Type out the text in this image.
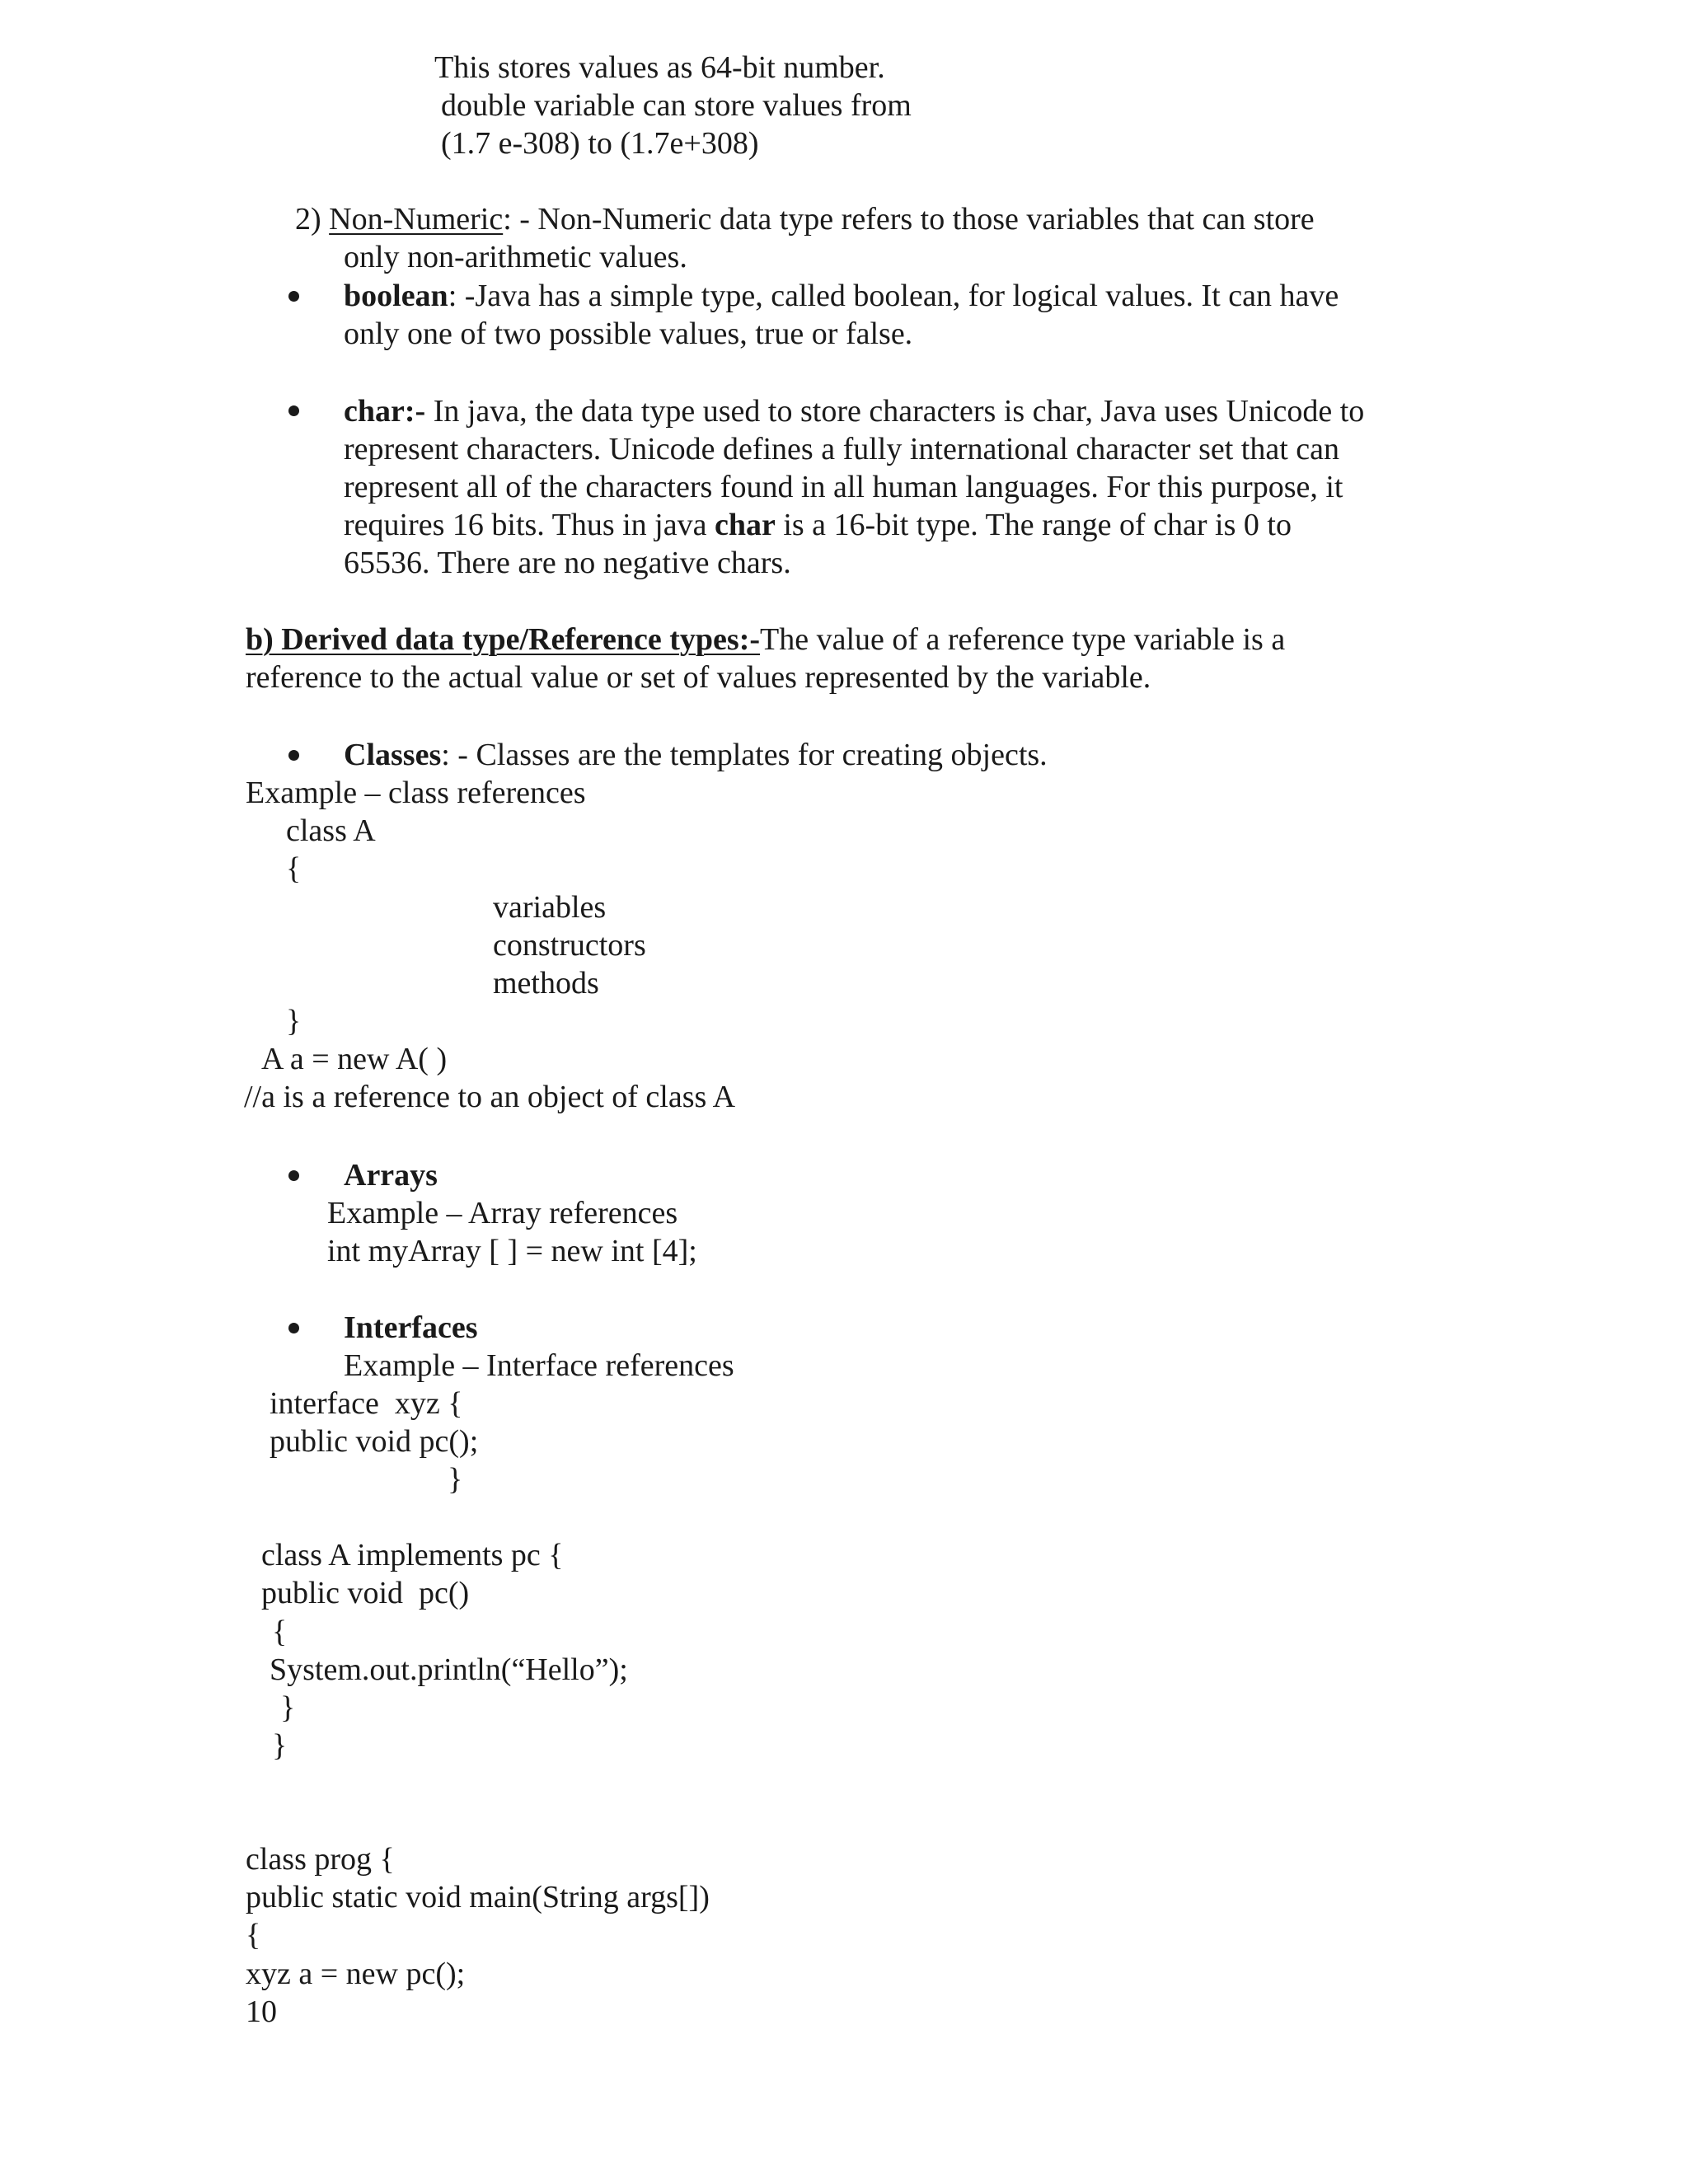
This stores values as 64-bit number.
double variable can store values from
(1.7 e-308) to (1.7e+308)
2) Non-Numeric: - Non-Numeric data type refers to those variables that can store
only non-arithmetic values.
boolean: -Java has a simple type, called boolean, for logical values. It can have
only one of two possible values, true or false.
char:- In java, the data type used to store characters is char, Java uses Unicode to
represent characters. Unicode defines a fully international character set that can
represent all of the characters found in all human languages. For this purpose, it
requires 16 bits. Thus in java char is a 16-bit type. The range of char is 0 to
65536. There are no negative chars.
b) Derived data type/Reference types:-The value of a reference type variable is a
reference to the actual value or set of values represented by the variable.
Classes: - Classes are the templates for creating objects.
Example – class references
class A
{
variables
constructors
methods
}
A a = new A( )
//a is a reference to an object of class A
Arrays
Example – Array references
int myArray [ ] = new int [4];
Interfaces
Example – Interface references
interface  xyz {
public void pc();
}
class A implements pc {
public void  pc()
{
System.out.println(“Hello”);
}
}
class prog {
public static void main(String args[])
{
xyz a = new pc();
10
